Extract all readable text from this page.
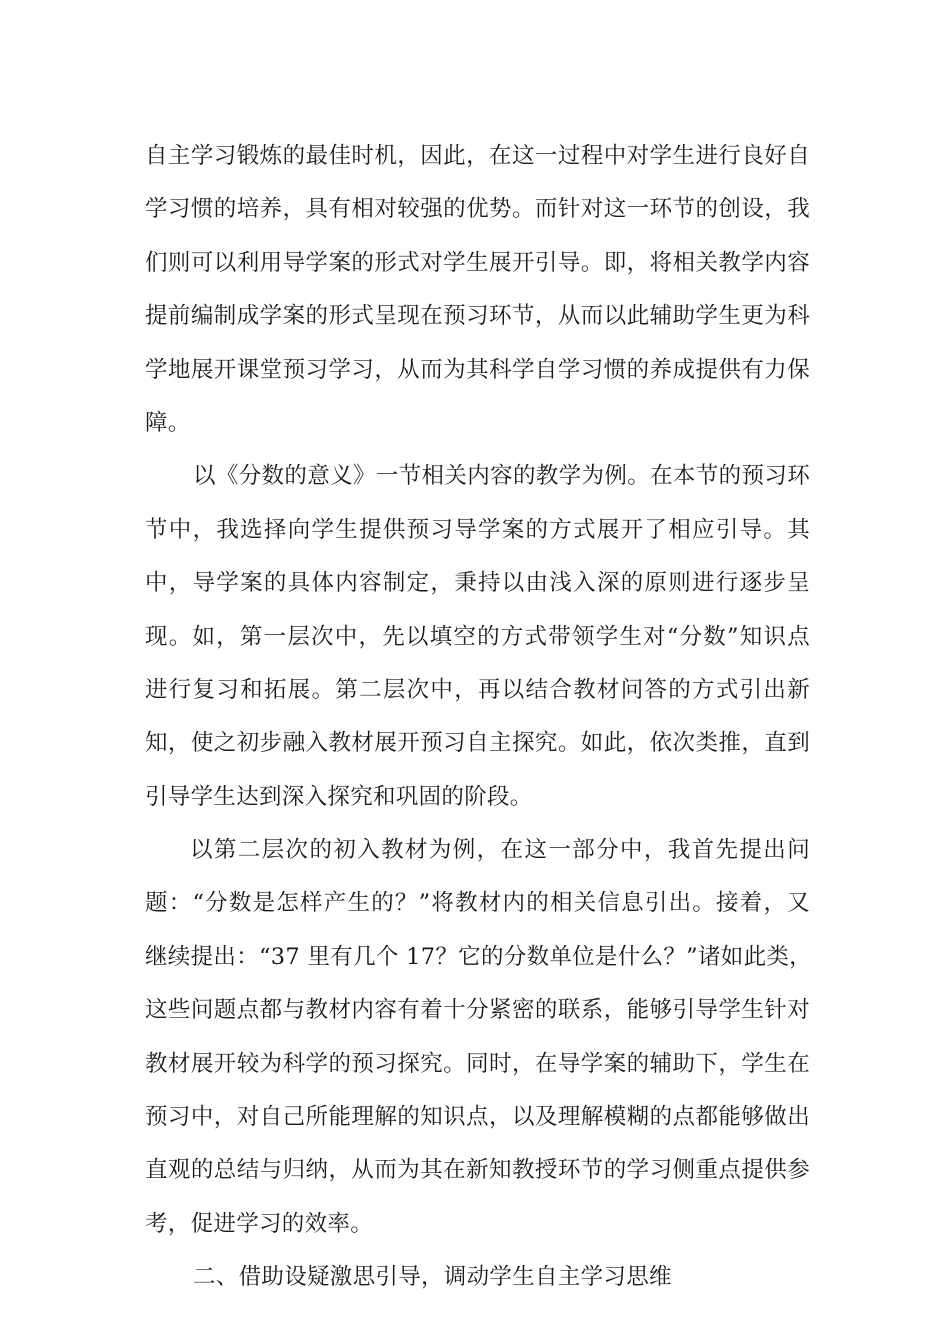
自主学习锻炼的最佳时机，因此，在这一过程中对学生进行良好自
学习惯的培养，具有相对较强的优势。而针对这一环节的创设，我
们则可以利用导学案的形式对学生展开引导。即，将相关教学内容
提前编制成学案的形式呈现在预习环节，从而以此辅助学生更为科
学地展开课堂预习学习，从而为其科学自学习惯的养成提供有力保
障。
以《分数的意义》一节相关内容的教学为例。在本节的预习环
节中，我选择向学生提供预习导学案的方式展开了相应引导。其
中，导学案的具体内容制定，秉持以由浅入深的原则进行逐步呈
现。如，第一层次中，先以填空的方式带领学生对“分数”知识点
进行复习和拓展。第二层次中，再以结合教材问答的方式引出新
知，使之初步融入教材展开预习自主探究。如此，依次类推，直到
引导学生达到深入探究和巩固的阶段。
以第二层次的初入教材为例，在这一部分中，我首先提出问
题：“分数是怎样产生的？”将教材内的相关信息引出。接着，又
继续提出：“37 里有几个 17？它的分数单位是什么？”诸如此类，
这些问题点都与教材内容有着十分紧密的联系，能够引导学生针对
教材展开较为科学的预习探究。同时，在导学案的辅助下，学生在
预习中，对自己所能理解的知识点，以及理解模糊的点都能够做出
直观的总结与归纳，从而为其在新知教授环节的学习侧重点提供参
考，促进学习的效率。
二、借助设疑激思引导，调动学生自主学习思维
